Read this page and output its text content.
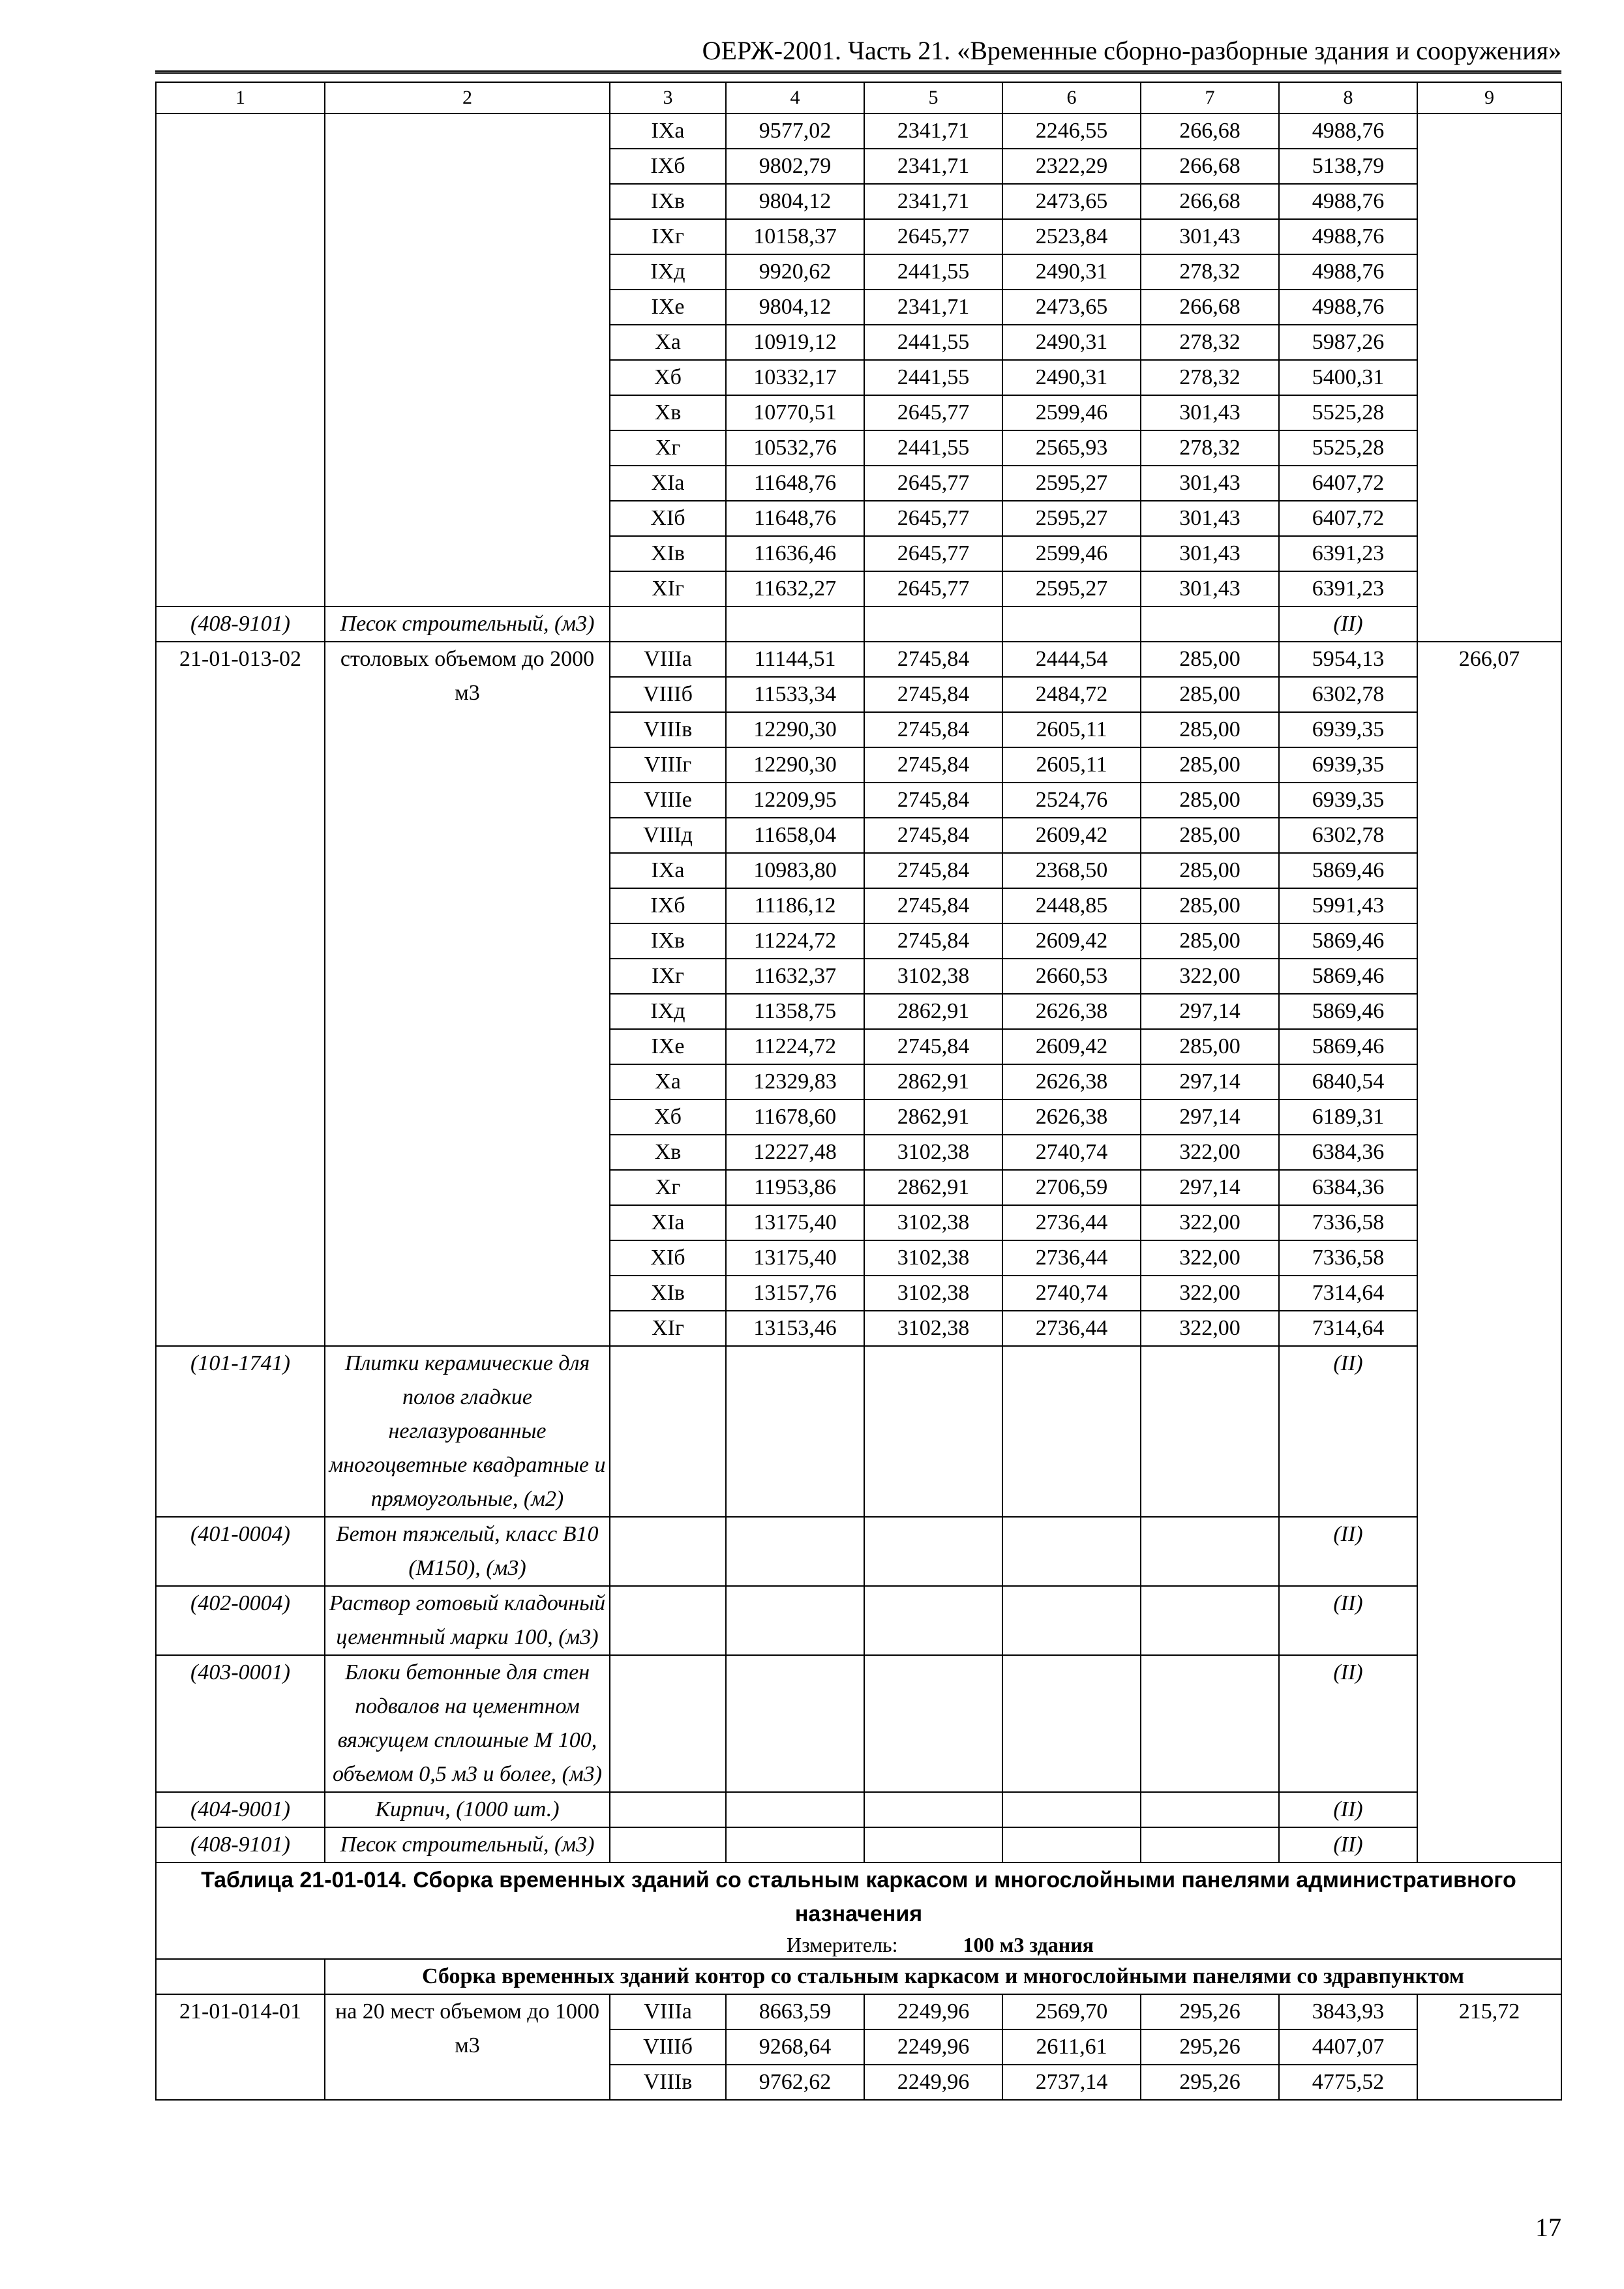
ОЕРЖ-2001. Часть 21. «Временные сборно-разборные здания и сооружения»
1	2	3	4	5	6	7	8	9
		IXа	9577,02	2341,71	2246,55	266,68	4988,76	
		IXб	9802,79	2341,71	2322,29	266,68	5138,79	
		IXв	9804,12	2341,71	2473,65	266,68	4988,76	
		IXг	10158,37	2645,77	2523,84	301,43	4988,76	
		IXд	9920,62	2441,55	2490,31	278,32	4988,76	
		IXе	9804,12	2341,71	2473,65	266,68	4988,76	
		Xа	10919,12	2441,55	2490,31	278,32	5987,26	
		Xб	10332,17	2441,55	2490,31	278,32	5400,31	
		Xв	10770,51	2645,77	2599,46	301,43	5525,28	
		Xг	10532,76	2441,55	2565,93	278,32	5525,28	
		XIа	11648,76	2645,77	2595,27	301,43	6407,72	
		XIб	11648,76	2645,77	2595,27	301,43	6407,72	
		XIв	11636,46	2645,77	2599,46	301,43	6391,23	
		XIг	11632,27	2645,77	2595,27	301,43	6391,23	
(408-9101)	Песок строительный, (м3)						(II)	
21-01-013-02	столовых объемом до 2000 м3	VIIIа	11144,51	2745,84	2444,54	285,00	5954,13	266,07
		VIIIб	11533,34	2745,84	2484,72	285,00	6302,78	
		VIIIв	12290,30	2745,84	2605,11	285,00	6939,35	
		VIIIг	12290,30	2745,84	2605,11	285,00	6939,35	
		VIIIе	12209,95	2745,84	2524,76	285,00	6939,35	
		VIIIд	11658,04	2745,84	2609,42	285,00	6302,78	
		IXа	10983,80	2745,84	2368,50	285,00	5869,46	
		IXб	11186,12	2745,84	2448,85	285,00	5991,43	
		IXв	11224,72	2745,84	2609,42	285,00	5869,46	
		IXг	11632,37	3102,38	2660,53	322,00	5869,46	
		IXд	11358,75	2862,91	2626,38	297,14	5869,46	
		IXе	11224,72	2745,84	2609,42	285,00	5869,46	
		Xа	12329,83	2862,91	2626,38	297,14	6840,54	
		Xб	11678,60	2862,91	2626,38	297,14	6189,31	
		Xв	12227,48	3102,38	2740,74	322,00	6384,36	
		Xг	11953,86	2862,91	2706,59	297,14	6384,36	
		XIа	13175,40	3102,38	2736,44	322,00	7336,58	
		XIб	13175,40	3102,38	2736,44	322,00	7336,58	
		XIв	13157,76	3102,38	2740,74	322,00	7314,64	
		XIг	13153,46	3102,38	2736,44	322,00	7314,64	
(101-1741)	Плитки керамические для полов гладкие неглазурованные многоцветные квадратные и прямоугольные, (м2)						(II)	
(401-0004)	Бетон тяжелый, класс В10 (М150), (м3)						(II)	
(402-0004)	Раствор готовый кладочный цементный марки 100, (м3)						(II)	
(403-0001)	Блоки бетонные для стен подвалов на цементном вяжущем сплошные М 100, объемом 0,5 м3 и более, (м3)						(II)	
(404-9001)	Кирпич, (1000 шт.)						(II)	
(408-9101)	Песок строительный, (м3)						(II)	
Таблица 21-01-014. Сборка временных зданий со стальным каркасом и многослойными панелями административного назначения
Измеритель: 100 м3 здания								

	Сборка временных зданий контор со стальным каркасом и многослойными панелями со здравпунктом							
21-01-014-01	на 20 мест объемом до 1000 м3	VIIIа	8663,59	2249,96	2569,70	295,26	3843,93	215,72
		VIIIб	9268,64	2249,96	2611,61	295,26	4407,07	
		VIIIв	9762,62	2249,96	2737,14	295,26	4775,52	
17
